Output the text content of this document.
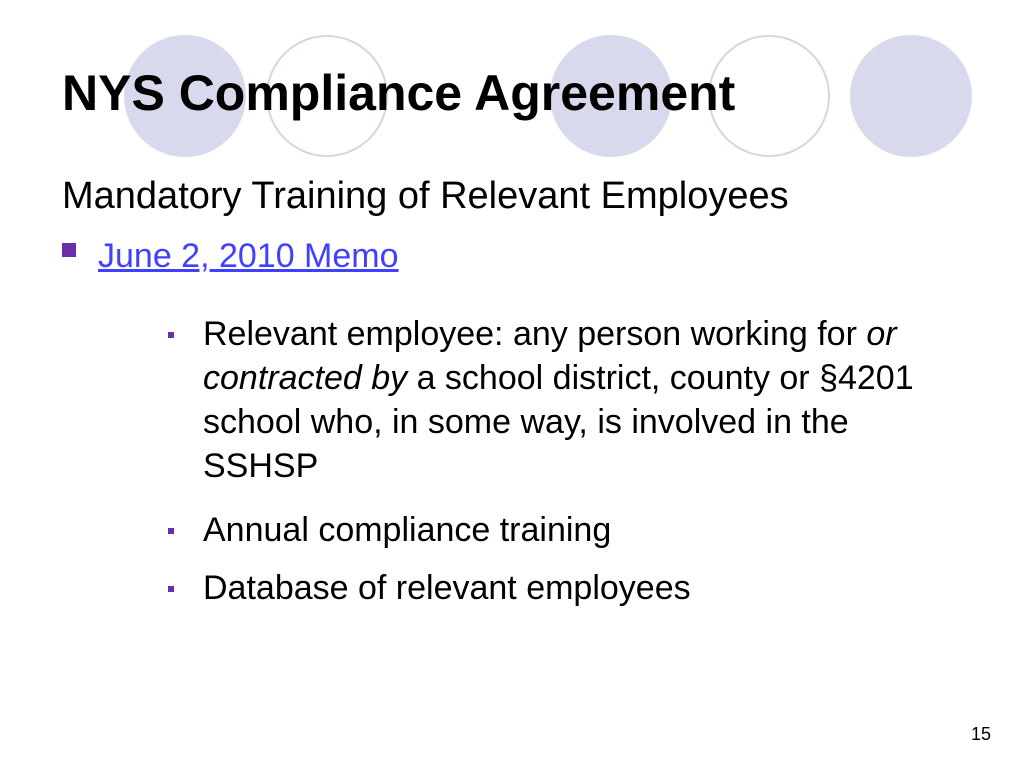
NYS Compliance Agreement
Mandatory Training of Relevant Employees
June 2, 2010 Memo
Relevant employee: any person working for or contracted by a school district, county or §4201 school who, in some way, is involved in the SSHSP
Annual compliance training
Database of relevant employees
15
